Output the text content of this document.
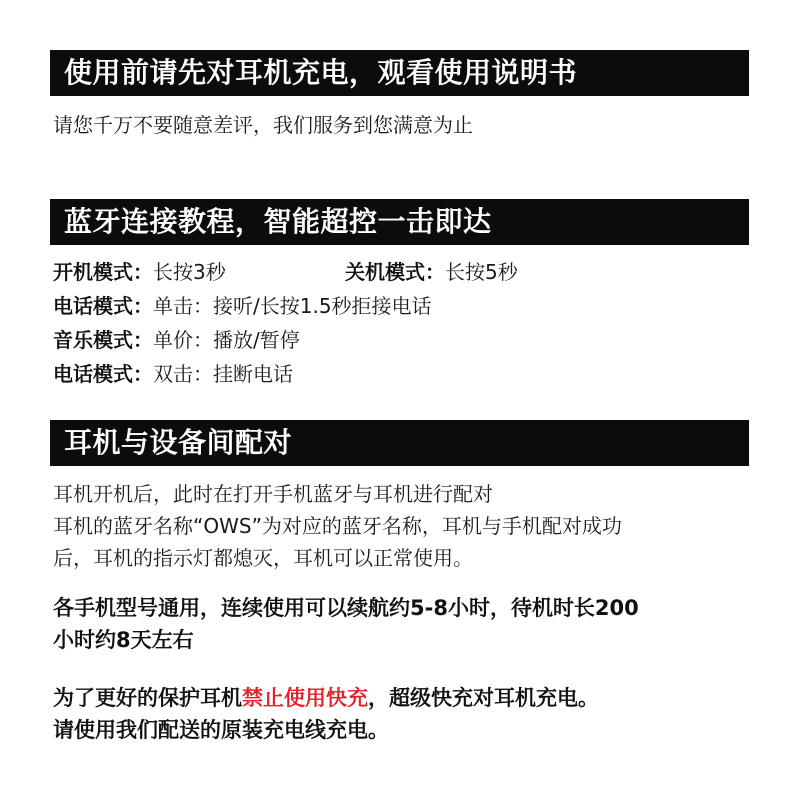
使用前请先对耳机充电，观看使用说明书
请您千万不要随意差评，我们服务到您满意为止
蓝牙连接教程，智能超控一击即达
开机模式：长按3秒	关机模式：长按5秒
电话模式：单击：接听/长按1.5秒拒接电话
音乐模式：单价：播放/暂停
电话模式：双击：挂断电话
耳机与设备间配对
耳机开机后，此时在打开手机蓝牙与耳机进行配对
耳机的蓝牙名称“OWS”为对应的蓝牙名称，耳机与手机配对成功
后，耳机的指示灯都熄灭，耳机可以正常使用。
各手机型号通用，连续使用可以续航约5-8小时，待机时长200
小时约8天左右
为了更好的保护耳机禁止使用快充，超级快充对耳机充电。
请使用我们配送的原装充电线充电。
